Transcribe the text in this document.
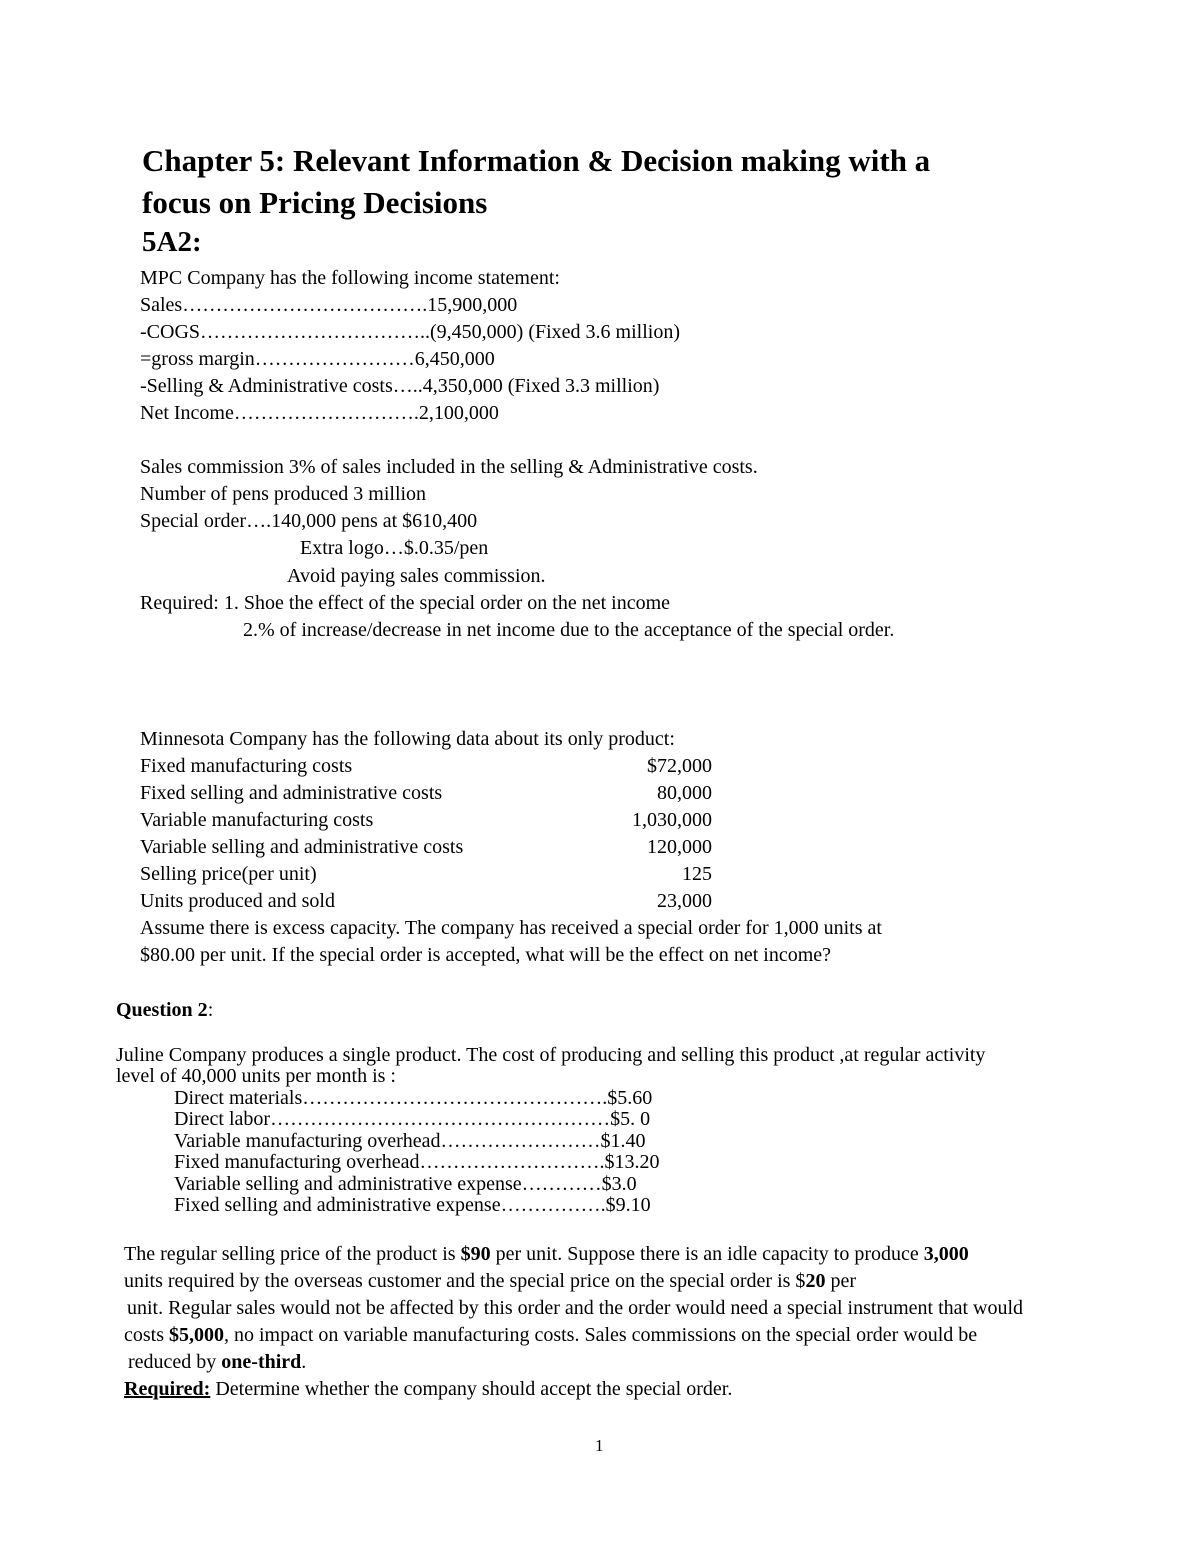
Chapter 5: Relevant Information & Decision making with a
focus on Pricing Decisions
5A2:
MPC Company has the following income statement:
Sales……………………………….15,900,000
-COGS……………………………..(9,450,000) (Fixed 3.6 million)
=gross margin……………………6,450,000
-Selling & Administrative costs…..4,350,000 (Fixed 3.3 million)
Net Income……………………….2,100,000
Sales commission 3% of sales included in the selling & Administrative costs.
Number of pens produced 3 million
Special order….140,000 pens at $610,400
Extra logo…$.0.35/pen
Avoid paying sales commission.
Required: 1. Shoe the effect of the special order on the net income
2.% of increase/decrease in net income due to the acceptance of the special order.
Minnesota Company has the following data about its only product:
Fixed manufacturing costs	$72,000
Fixed selling and administrative costs	80,000
Variable manufacturing costs	1,030,000
Variable selling and administrative costs	120,000
Selling price(per unit)	125
Units produced and sold	23,000
Assume there is excess capacity. The company has received a special order for 1,000 units at
$80.00 per unit. If the special order is accepted, what will be the effect on net income?
Question 2:
Juline Company produces a single product. The cost of producing and selling this product ,at regular activity
level of 40,000 units per month is :
Direct materials……………………………………….$5.60
Direct labor……………………………………………$5. 0
Variable manufacturing overhead……………………$1.40
Fixed manufacturing overhead……………………….$13.20
Variable selling and administrative expense…………$3.0
Fixed selling and administrative expense…………….$9.10
The regular selling price of the product is $90 per unit. Suppose there is an idle capacity to produce 3,000
units required by the overseas customer and the special price on the special order is $20 per
unit. Regular sales would not be affected by this order and the order would need a special instrument that would
costs $5,000, no impact on variable manufacturing costs. Sales commissions on the special order would be
reduced by one-third.
Required: Determine whether the company should accept the special order.
1
